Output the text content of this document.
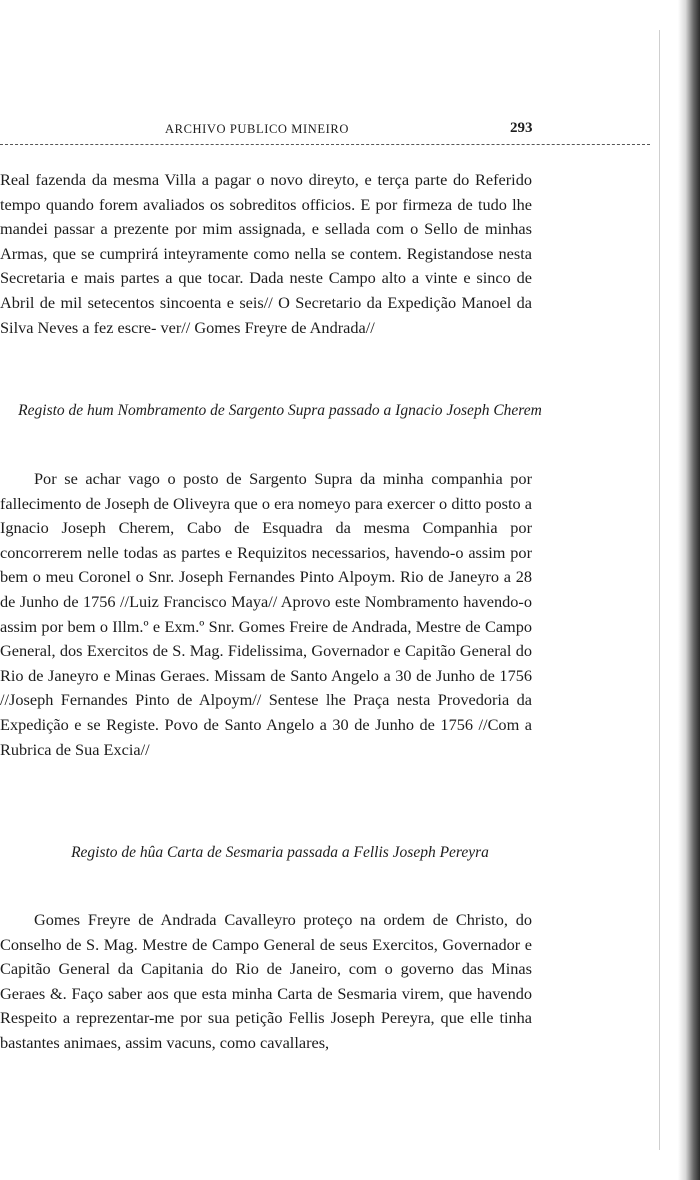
ARCHIVO PUBLICO MINEIRO	293

Real fazenda da mesma Villa a pagar o novo direyto, e terça parte do Referido tempo quando forem avaliados os sobreditos officios. E por firmeza de tudo lhe mandei passar a prezente por mim assignada, e sellada com o Sello de minhas Armas, que se cumprirá inteyramente como nella se contem. Registandose nesta Secretaria e mais partes a que tocar. Dada neste Campo alto a vinte e sinco de Abril de mil setecentos sincoenta e seis// O Secretario da Expedição Manoel da Silva Neves a fez escre- ver// Gomes Freyre de Andrada//

Registo de hum Nombramento de Sargento Supra passado a Ignacio Joseph Cherem

Por se achar vago o posto de Sargento Supra da minha companhia por fallecimento de Joseph de Oliveyra que o era nomeyo para exercer o ditto posto a Ignacio Joseph Cherem, Cabo de Esquadra da mesma Companhia por concorrerem nelle todas as partes e Requizitos necessarios, havendo-o assim por bem o meu Coronel o Snr. Joseph Fernandes Pinto Alpoym. Rio de Janeyro a 28 de Junho de 1756 //Luiz Francisco Maya// Aprovo este Nombramento havendo-o assim por bem o Illm.º e Exm.º Snr. Gomes Freire de Andrada, Mestre de Campo General, dos Exercitos de S. Mag. Fidelissima, Governador e Capitão General do Rio de Janeyro e Minas Geraes. Missam de Santo Angelo a 30 de Junho de 1756 //Joseph Fernandes Pinto de Alpoym// Sentese lhe Praça nesta Provedoria da Expedição e se Registe. Povo de Santo Angelo a 30 de Junho de 1756 //Com a Rubrica de Sua Excia//

Registo de hûa Carta de Sesmaria passada a Fellis Joseph Pereyra

Gomes Freyre de Andrada Cavalleyro proteço na ordem de Christo, do Conselho de S. Mag. Mestre de Campo General de seus Exercitos, Governador e Capitão General da Capitania do Rio de Janeiro, com o governo das Minas Geraes &. Faço saber aos que esta minha Carta de Sesmaria virem, que havendo Respeito a reprezentar-me por sua petição Fellis Joseph Pereyra, que elle tinha bastantes animaes, assim vacuns, como cavallares,
